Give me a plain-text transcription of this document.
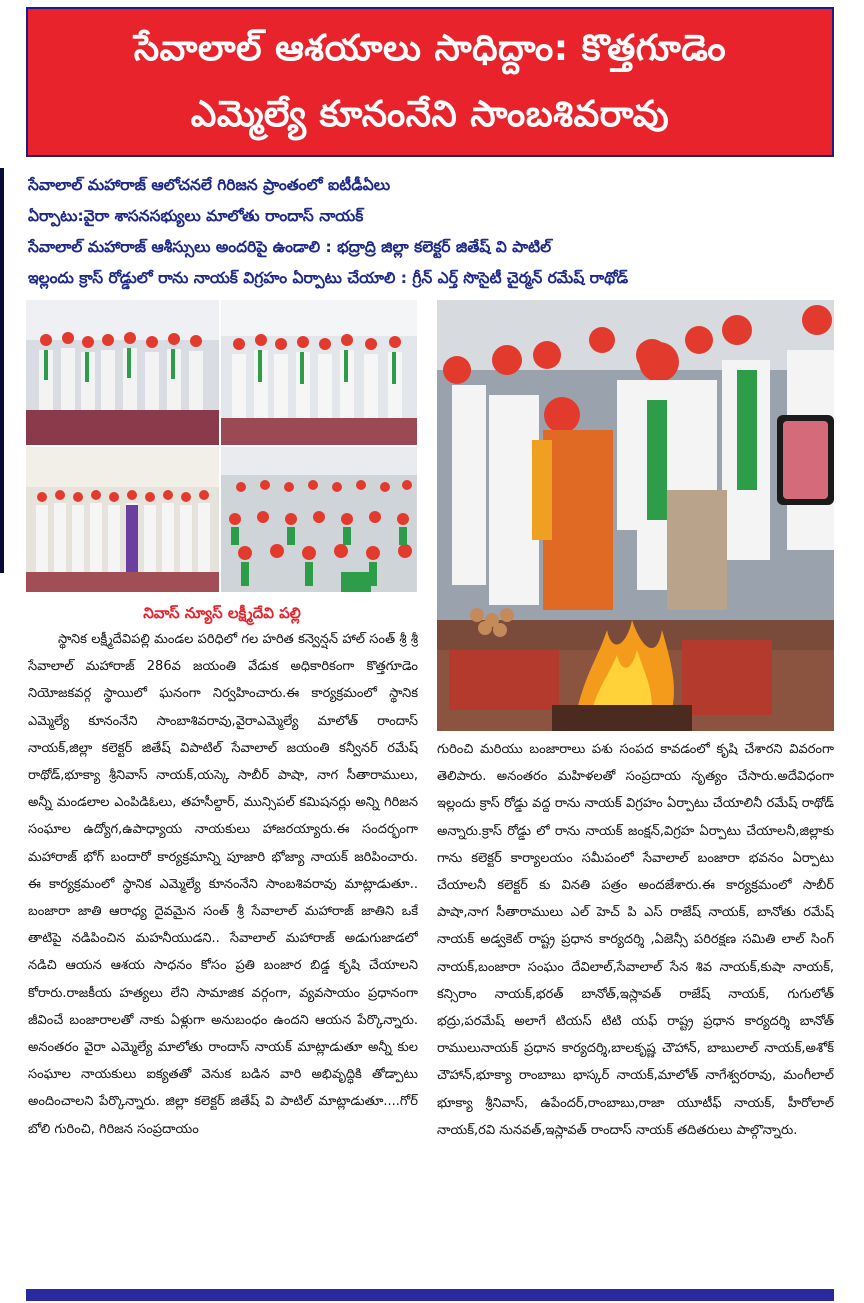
సేవాలాల్ ఆశయాలు సాధిద్దాం: కొత్తగూడెం
ఎమ్మెల్యే కూనంనేని సాంబశివరావు
సేవాలాల్ మహారాజ్ ఆలోచనలే గిరిజన ప్రాంతంలో ఐటీడీఏలు
ఏర్పాటు:వైరా శాసనసభ్యులు మాలోతు రాందాస్ నాయక్
సేవాలాల్ మహారాజ్ ఆశీస్సులు అందరిపై ఉండాలి : భద్రాద్రి జిల్లా కలెక్టర్ జితేష్ వి పాటిల్
ఇల్లందు క్రాస్ రోడ్డులో రాను నాయక్ విగ్రహం ఏర్పాటు చేయాలి : గ్రీన్ ఎర్త్ సొసైటీ చైర్మన్ రమేష్ రాథోడ్
నివాస్ న్యూస్ లక్ష్మీదేవి పల్లి

స్థానిక లక్ష్మీదేవిపల్లి మండల పరిధిలో గల హరిత కన్వెన్షన్ హాల్ సంత్ శ్రీ శ్రీ సేవాలాల్ మహారాజ్ 286వ జయంతి వేడుక అధికారికంగా కొత్తగూడెం నియోజకవర్గ స్థాయిలో ఘనంగా నిర్వహించారు.ఈ కార్యక్రమంలో స్థానిక ఎమ్మెల్యే కూనంనేని సాంబాశివరావు,వైరాఎమ్మెల్యే మాలోత్ రాందాస్ నాయక్,జిల్లా కలెక్టర్ జితేష్ విపాటిల్ సేవాలాల్ జయంతి కన్వీనర్ రమేష్ రాథోడ్,భూక్యా శ్రీనివాస్ నాయక్,యస్కె సాబీర్ పాషా, నాగ సీతారాములు, అన్నీ మండలాల ఎంపిడిఓలు, తహసీల్దార్, మున్సిపల్ కమిషనర్లు అన్ని గిరిజన సంఘాల ఉద్యోగ,ఉపాధ్యాయ నాయకులు హాజరయ్యారు.ఈ సందర్భంగా మహారాజ్ భోగ్ బందారో కార్యక్రమాన్ని పూజారి భోజ్యా నాయక్ జరిపించారు. ఈ కార్యక్రమంలో స్థానిక ఎమ్మెల్యే కూనంనేని సాంబశివరావు మాట్లాడుతూ.. బంజారా జాతి ఆరాధ్య దైవమైన సంత్ శ్రీ సేవాలాల్ మహారాజ్ జాతిని ఒకే తాటిపై నడిపించిన మహనీయుడని.. సేవాలాల్ మహారాజ్ అడుగుజాడలో నడిచి ఆయన ఆశయ సాధనం కోసం ప్రతి బంజార బిడ్డ కృషి చేయాలని కోరారు.రాజకీయ హత్యలు లేని సామాజిక వర్గంగా, వ్యవసాయం ప్రధానంగా జీవించే బంజారాలతో నాకు ఏళ్లుగా అనుబంధం ఉందని ఆయన పేర్కొన్నారు. అనంతరం వైరా ఎమ్మెల్యే మాలోతు రాందాస్ నాయక్ మాట్లాడుతూ అన్నీ కుల సంఘాల నాయకులు ఐక్యతతో వెనుక బడిన వారి అభివృద్ధికి తోడ్పాటు అందించాలని పేర్కొన్నారు. జిల్లా కలెక్టర్ జితేష్ వి పాటిల్ మాట్లాడుతూ....గోర్ బోలి గురించి, గిరిజన సంప్రదాయం

గురించి మరియు బంజారాలు పశు సంపద కావడంలో కృషి చేశారని వివరంగా తెలిపారు. అనంతరం మహిళలతో సంప్రదాయ నృత్యం చేసారు.అదేవిధంగా ఇల్లందు క్రాస్ రోడ్డు వద్ద రాను నాయక్ విగ్రహం ఏర్పాటు చేయాలినీ రమేష్ రాథోడ్ అన్నారు.క్రాస్ రోడ్డు లో రాను నాయక్ జంక్షన్,విగ్రహ ఏర్పాటు చేయాలనీ,జిల్లాకు గాను కలెక్టర్ కార్యాలయం సమీపంలో సేవాలాల్ బంజారా భవనం ఏర్పాటు చేయాలనీ కలెక్టర్ కు వినతి పత్రం అందజేశారు.ఈ కార్యక్రమంలో సాబీర్ పాషా,నాగ సీతారాములు ఎల్ హెచ్ పి ఎస్ రాజేష్ నాయక్, బానోతు రమేష్ నాయక్ అడ్వకెట్ రాష్ట్ర ప్రధాన కార్యదర్శి ,ఏజెన్సీ పరిరక్షణ సమితి లాల్ సింగ్ నాయక్,బంజారా సంఘం దేవిలాల్,సేవాలాల్ సేన శివ నాయక్,కుషా నాయక్, కన్సిరాం నాయక్,భరత్ బానోత్,ఇస్లావత్ రాజేష్ నాయక్, గుగులోత్ భద్రు,పరమేష్ అలాగే టియస్ టిటి యఫ్ రాష్ట్ర ప్రధాన కార్యదర్శి బానోత్ రాములునాయక్ ప్రధాన కార్యదర్శి,బాలకృష్ణ చౌహాన్, బాబులాల్ నాయక్,అశోక్ చౌహాన్,భూక్యా రాంబాబు భాస్కర్ నాయక్,మాలోత్ నాగేశ్వరరావు, మంగీలాల్ భూక్యా శ్రీనివాస్, ఉపేందర్,రాంబాబు,రాజా యూటీఫ్ నాయక్, హీరోలాల్ నాయక్,రవి నునవత్,ఇస్లావత్ రాందాస్ నాయక్ తదితరులు పాల్గొన్నారు.
